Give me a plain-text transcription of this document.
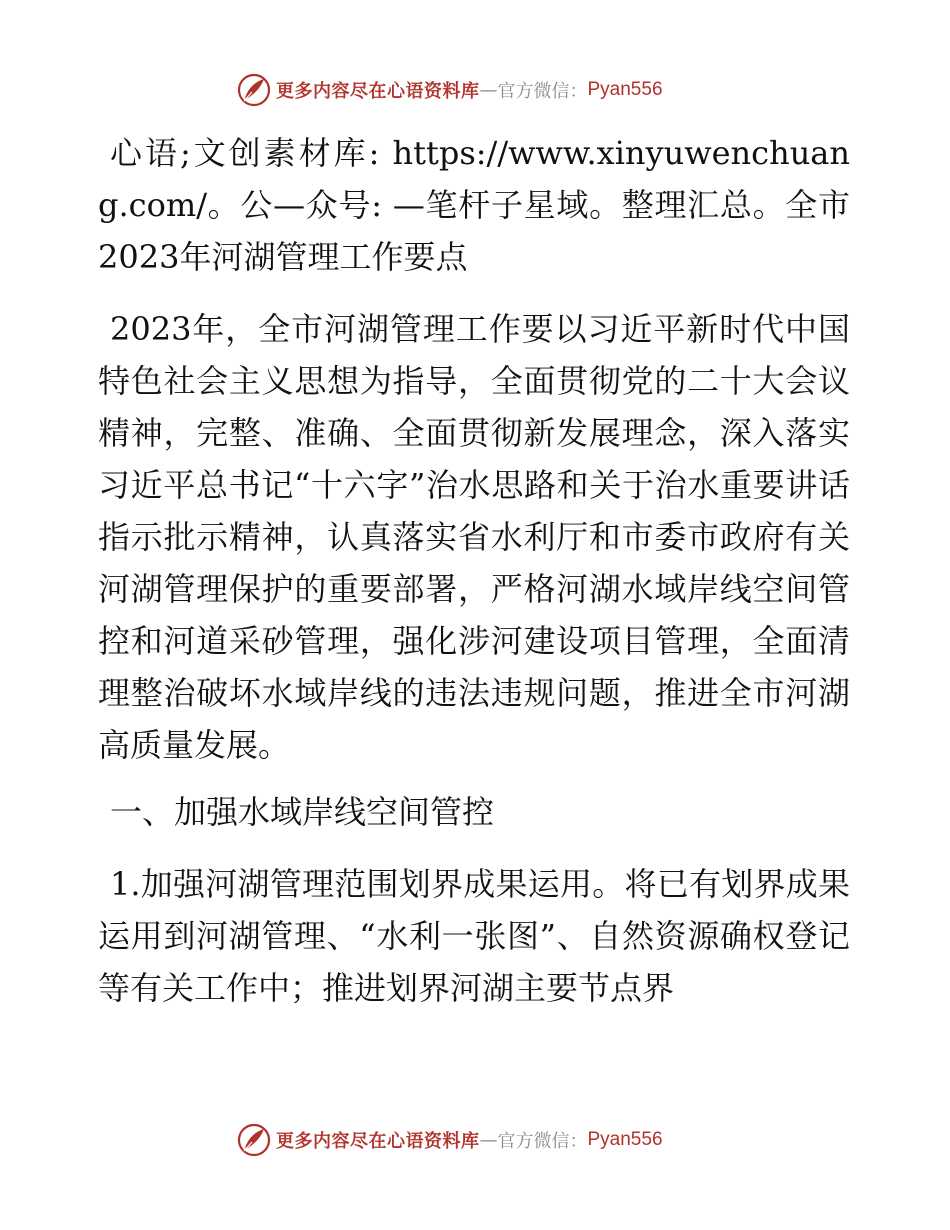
更多内容尽在心语资料库 — 官方微信： Pyan556

心语;文创素材库: https://www.xinyuwenchuang.com/。公—众号: —笔杆子星域。整理汇总。全市2023年河湖管理工作要点

2023年，全市河湖管理工作要以习近平新时代中国特色社会主义思想为指导，全面贯彻党的二十大会议精神，完整、准确、全面贯彻新发展理念，深入落实习近平总书记“十六字”治水思路和关于治水重要讲话指示批示精神，认真落实省水利厅和市委市政府有关河湖管理保护的重要部署，严格河湖水域岸线空间管控和河道采砂管理，强化涉河建设项目管理，全面清理整治破坏水域岸线的违法违规问题，推进全市河湖高质量发展。

一、加强水域岸线空间管控

1.加强河湖管理范围划界成果运用。将已有划界成果运用到河湖管理、“水利一张图”、自然资源确权登记等有关工作中；推进划界河湖主要节点界

更多内容尽在心语资料库 — 官方微信： Pyan556
